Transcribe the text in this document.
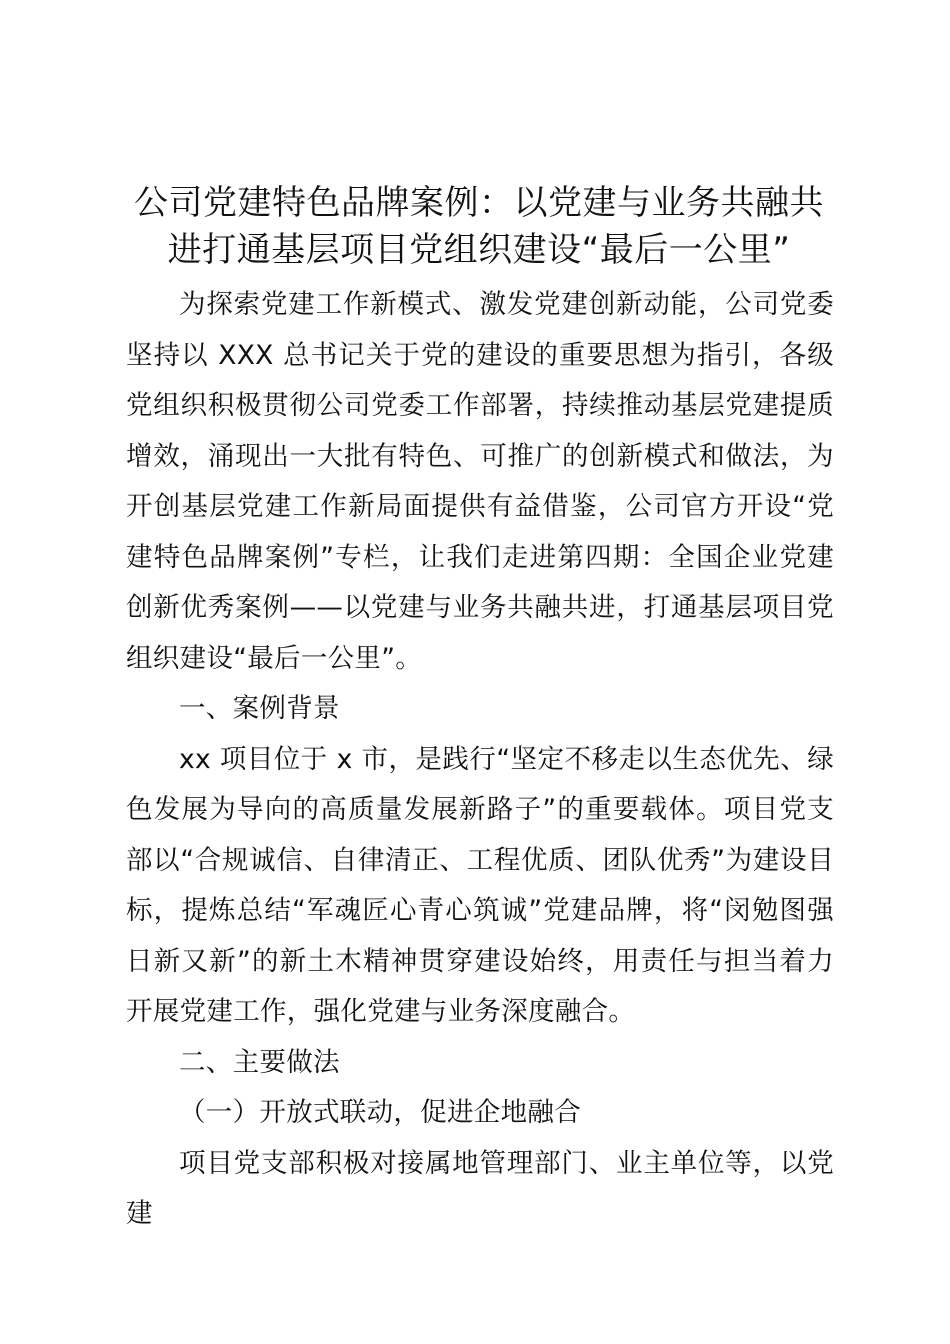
公司党建特色品牌案例：以党建与业务共融共进打通基层项目党组织建设“最后一公里”

为探索党建工作新模式、激发党建创新动能，公司党委坚持以 XXX 总书记关于党的建设的重要思想为指引，各级党组织积极贯彻公司党委工作部署，持续推动基层党建提质增效，涌现出一大批有特色、可推广的创新模式和做法，为开创基层党建工作新局面提供有益借鉴，公司官方开设“党建特色品牌案例”专栏，让我们走进第四期：全国企业党建创新优秀案例——以党建与业务共融共进，打通基层项目党组织建设“最后一公里”。

一、案例背景

xx 项目位于 x 市，是践行“坚定不移走以生态优先、绿色发展为导向的高质量发展新路子”的重要载体。项目党支部以“合规诚信、自律清正、工程优质、团队优秀”为建设目标，提炼总结“军魂匠心青心筑诚”党建品牌，将“闵勉图强日新又新”的新土木精神贯穿建设始终，用责任与担当着力开展党建工作，强化党建与业务深度融合。

二、主要做法

（一）开放式联动，促进企地融合

项目党支部积极对接属地管理部门、业主单位等，以党建
